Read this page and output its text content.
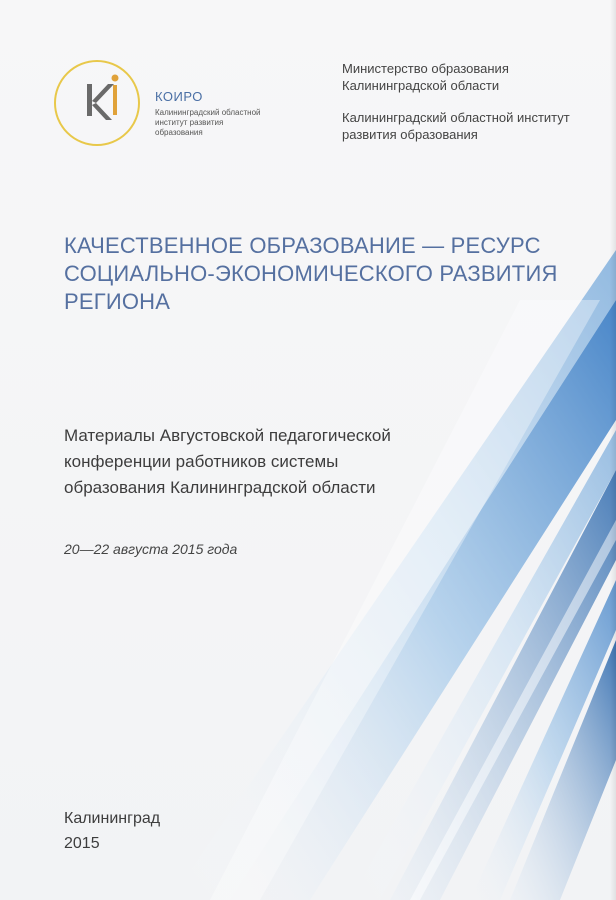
КОИРО
Калининградский областной институт развития образования
Министерство образования Калининградской области
Калининградский областной институт развития образования
КАЧЕСТВЕННОЕ ОБРАЗОВАНИЕ — РЕСУРС СОЦИАЛЬНО-ЭКОНОМИЧЕСКОГО РАЗВИТИЯ РЕГИОНА
Материалы Августовской педагогической конференции работников системы образования Калининградской области
20—22 августа 2015 года
Калининград
2015
